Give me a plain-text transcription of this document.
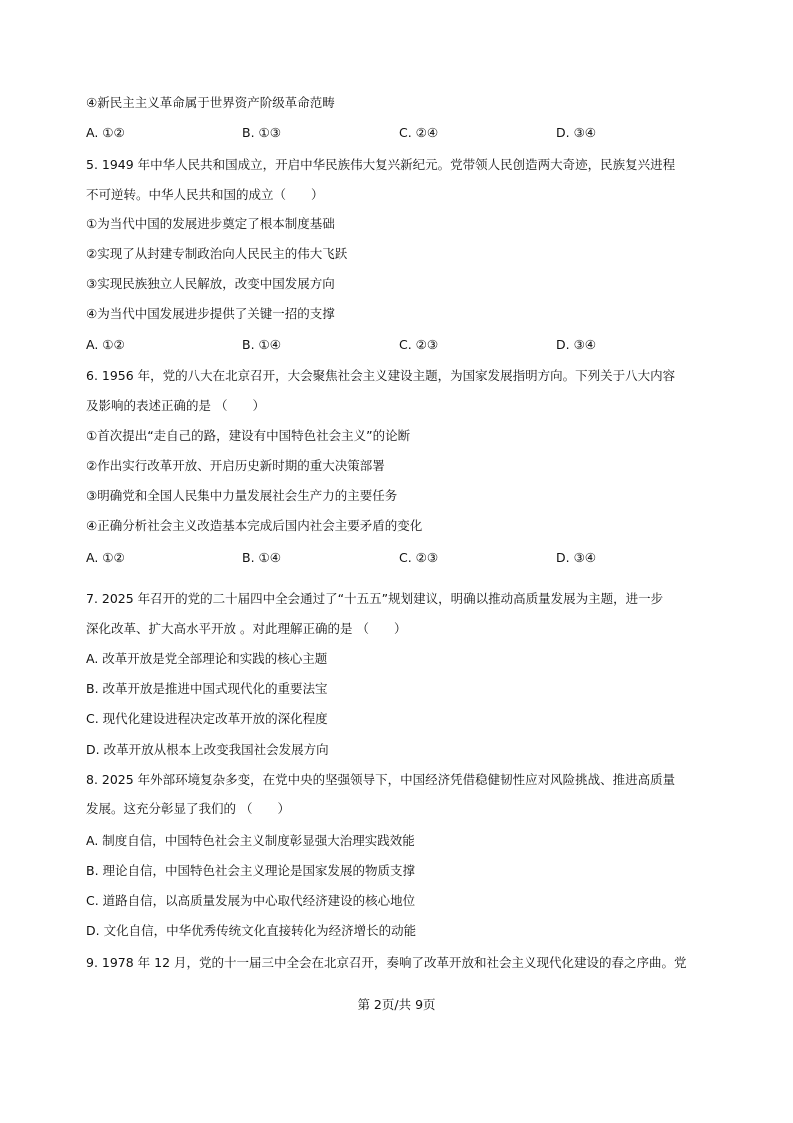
④新民主主义革命属于世界资产阶级革命范畴
A. ①②	B. ①③	C. ②④	D. ③④
5. 1949 年中华人民共和国成立，开启中华民族伟大复兴新纪元。党带领人民创造两大奇迹，民族复兴进程
不可逆转。中华人民共和国的成立（　　）
①为当代中国的发展进步奠定了根本制度基础
②实现了从封建专制政治向人民民主的伟大飞跃
③实现民族独立人民解放，改变中国发展方向
④为当代中国发展进步提供了关键一招的支撑
A. ①②	B. ①④	C. ②③	D. ③④
6. 1956 年，党的八大在北京召开，大会聚焦社会主义建设主题，为国家发展指明方向。下列关于八大内容
及影响的表述正确的是 （　　）
①首次提出“走自己的路，建设有中国特色社会主义”的论断
②作出实行改革开放、开启历史新时期的重大决策部署
③明确党和全国人民集中力量发展社会生产力的主要任务
④正确分析社会主义改造基本完成后国内社会主要矛盾的变化
A. ①②	B. ①④	C. ②③	D. ③④
7. 2025 年召开的党的二十届四中全会通过了“十五五”规划建议，明确以推动高质量发展为主题，进一步
深化改革、扩大高水平开放 。对此理解正确的是 （　　）
A. 改革开放是党全部理论和实践的核心主题
B. 改革开放是推进中国式现代化的重要法宝
C. 现代化建设进程决定改革开放的深化程度
D. 改革开放从根本上改变我国社会发展方向
8. 2025 年外部环境复杂多变，在党中央的坚强领导下，中国经济凭借稳健韧性应对风险挑战、推进高质量
发展。这充分彰显了我们的 （　　）
A. 制度自信，中国特色社会主义制度彰显强大治理实践效能
B. 理论自信，中国特色社会主义理论是国家发展的物质支撑
C. 道路自信，以高质量发展为中心取代经济建设的核心地位
D. 文化自信，中华优秀传统文化直接转化为经济增长的动能
9. 1978 年 12 月，党的十一届三中全会在北京召开，奏响了改革开放和社会主义现代化建设的春之序曲。党
第 2页/共 9页
